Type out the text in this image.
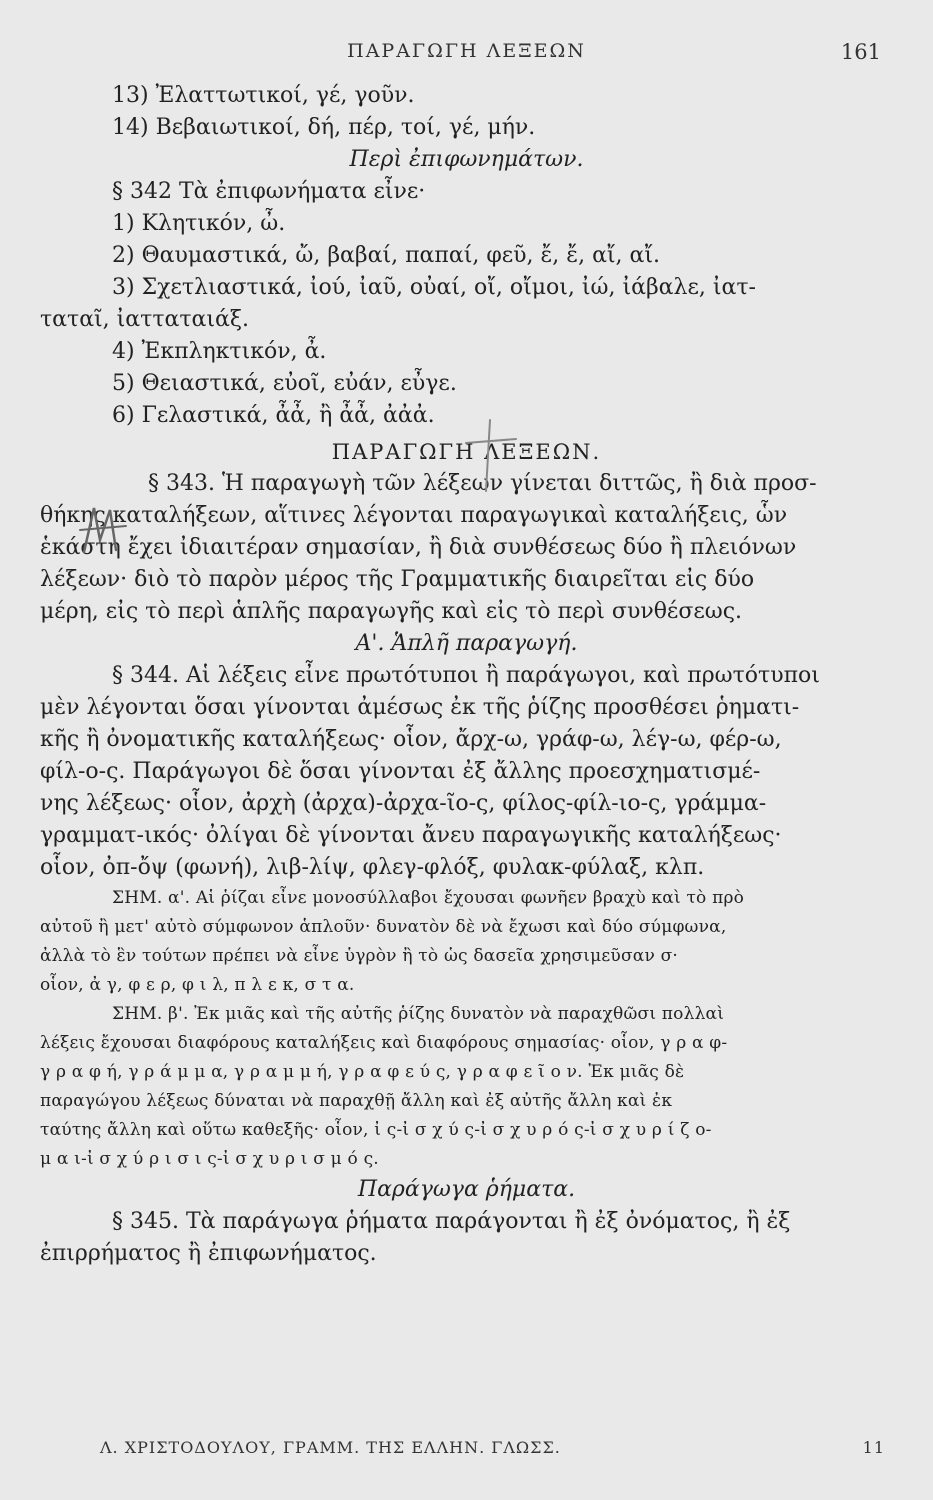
ΠΑΡΑΓΩΓΗ ΛΕΞΕΩΝ	161
13) Ἐλαττωτικοί, γέ, γοῦν.
14) Βεβαιωτικοί, δή, πέρ, τοί, γέ, μήν.
Περὶ ἐπιφωνημάτων.
§ 342 Τὰ ἐπιφωνήματα εἶνε·
1) Κλητικόν, ὦ.
2) Θαυμαστικά, ὤ, βαβαί, παπαί, φεῦ, ἔ, ἔ, αἴ, αἴ.
3) Σχετλιαστικά, ἰού, ἰαῦ, οὐαί, οἴ, οἴμοι, ἰώ, ἰάβαλε, ἰατ-
ταταῖ, ἰατταταιάξ.
4) Ἐκπληκτικόν, ἆ.
5) Θειαστικά, εὐοῖ, εὐάν, εὖγε.
6) Γελαστικά, ἆἆ, ἢ ἆἆ, ἀἀἀ.
ΠΑΡΑΓΩΓΗ ΛΕΞΕΩΝ.
§ 343. Ἡ παραγωγὴ τῶν λέξεων γίνεται διττῶς, ἢ διὰ προσ-
θήκης καταλήξεων, αἵτινες λέγονται παραγωγικαὶ καταλήξεις, ὧν
ἑκάστη ἔχει ἰδιαιτέραν σημασίαν, ἢ διὰ συνθέσεως δύο ἢ πλειόνων
λέξεων· διὸ τὸ παρὸν μέρος τῆς Γραμματικῆς διαιρεῖται εἰς δύο
μέρη, εἰς τὸ περὶ ἁπλῆς παραγωγῆς καὶ εἰς τὸ περὶ συνθέσεως.
Α'. Ἁπλῆ παραγωγή.
§ 344. Αἱ λέξεις εἶνε πρωτότυποι ἢ παράγωγοι, καὶ πρωτότυποι
μὲν λέγονται ὅσαι γίνονται ἀμέσως ἐκ τῆς ῥίζης προσθέσει ῥηματι-
κῆς ἢ ὀνοματικῆς καταλήξεως· οἷον, ἄρχ-ω, γράφ-ω, λέγ-ω, φέρ-ω,
φίλ-ο-ς. Παράγωγοι δὲ ὅσαι γίνονται ἐξ ἄλλης προεσχηματισμέ-
νης λέξεως· οἷον, ἀρχὴ (ἀρχα)-ἀρχα-ῖο-ς, φίλος-φίλ-ιο-ς, γράμμα-
γραμματ-ικός· ὀλίγαι δὲ γίνονται ἄνευ παραγωγικῆς καταλήξεως·
οἷον, ὀπ-ὄψ (φωνή), λιβ-λίψ, φλεγ-φλόξ, φυλακ-φύλαξ, κλπ.
ΣΗΜ. α'. Αἱ ῥίζαι εἶνε μονοσύλλαβοι ἔχουσαι φωνῆεν βραχὺ καὶ τὸ πρὸ
αὐτοῦ ἢ μετ' αὐτὸ σύμφωνον ἁπλοῦν· δυνατὸν δὲ νὰ ἔχωσι καὶ δύο σύμφωνα,
ἀλλὰ τὸ ἓν τούτων πρέπει νὰ εἶνε ὑγρὸν ἢ τὸ ὡς δασεῖα χρησιμεῦσαν σ·
οἷον, ἀ γ, φ ε ρ, φ ι λ, π λ ε κ, σ τ α.
ΣΗΜ. β'. Ἐκ μιᾶς καὶ τῆς αὐτῆς ῥίζης δυνατὸν νὰ παραχθῶσι πολλαὶ
λέξεις ἔχουσαι διαφόρους καταλήξεις καὶ διαφόρους σημασίας· οἷον, γ ρ α φ-
γ ρ α φ ή, γ ρ ά μ μ α, γ ρ α μ μ ή, γ ρ α φ ε ύ ς, γ ρ α φ ε ῖ ο ν. Ἐκ μιᾶς δὲ
παραγώγου λέξεως δύναται νὰ παραχθῇ ἄλλη καὶ ἐξ αὐτῆς ἄλλη καὶ ἐκ
ταύτης ἄλλη καὶ οὕτω καθεξῆς· οἷον, ἰ ς-ἰ σ χ ύ ς-ἰ σ χ υ ρ ό ς-ἰ σ χ υ ρ ί ζ ο-
μ α ι-ἰ σ χ ύ ρ ι σ ι ς-ἰ σ χ υ ρ ι σ μ ό ς.
Παράγωγα ῥήματα.
§ 345. Τὰ παράγωγα ῥήματα παράγονται ἢ ἐξ ὀνόματος, ἢ ἐξ
ἐπιρρήματος ἢ ἐπιφωνήματος.
Λ. ΧΡΙΣΤΟΔΟΥΛΟΥ, ΓΡΑΜΜ. ΤΗΣ ΕΛΛΗΝ. ΓΛΩΣΣ.	11
